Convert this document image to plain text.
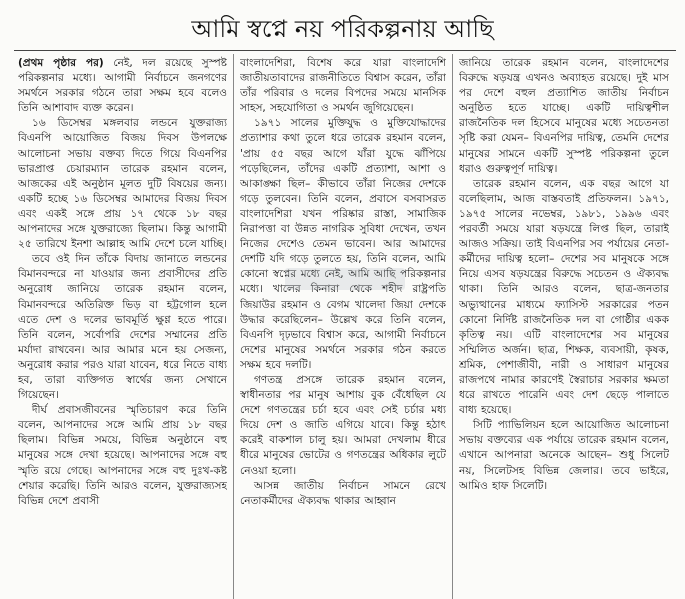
আমি স্বপ্নে নয় পরিকল্পনায় আছি

(প্রথম পৃষ্ঠার পর) নেই, দল রয়েছে সুস্পষ্ট পরিকল্পনার মধ্যে। আগামী নির্বাচনে জনগণের সমর্থনে সরকার গঠনে তারা সক্ষম হবে বলেও তিনি আশাবাদ ব্যক্ত করেন।

১৬ ডিসেম্বর মঙ্গলবার লন্ডনে যুক্তরাজ্য বিএনপি আয়োজিত বিজয় দিবস উপলক্ষে আলোচনা সভায় বক্তব্য দিতে গিয়ে বিএনপির ভারপ্রাপ্ত চেয়ারম্যান তারেক রহমান বলেন, আজকের এই অনুষ্ঠান মূলত দুটি বিষয়ের জন্য। একটি হচ্ছে ১৬ ডিসেম্বর আমাদের বিজয় দিবস এবং একই সঙ্গে প্রায় ১৭ থেকে ১৮ বছর আপনাদের সঙ্গে যুক্তরাজ্যে ছিলাম। কিন্তু আগামী ২৫ তারিখে ইনশা আল্লাহ আমি দেশে চলে যাচ্ছি।

তবে ওই দিন তাঁকে বিদায় জানাতে লন্ডনের বিমানবন্দরে না যাওয়ার জন্য প্রবাসীদের প্রতি অনুরোধ জানিয়ে তারেক রহমান বলেন, বিমানবন্দরে অতিরিক্ত ভিড় বা হট্টগোল হলে এতে দেশ ও দলের ভাবমূর্তি ক্ষুণ্ণ হতে পারে। তিনি বলেন, সর্বোপরি দেশের সম্মানের প্রতি মর্যাদা রাখবেন। আর আমার মনে হয় সেজন্য, অনুরোধ করার পরও যারা যাবেন, ধরে নিতে বাধ্য হব, তারা ব্যক্তিগত স্বার্থের জন্য সেখানে গিয়েছেন।

দীর্ঘ প্রবাসজীবনের স্মৃতিচারণ করে তিনি বলেন, আপনাদের সঙ্গে আমি প্রায় ১৮ বছর ছিলাম। বিভিন্ন সময়ে, বিভিন্ন অনুষ্ঠানে বহু মানুষের সঙ্গে দেখা হয়েছে। আপনাদের সঙ্গে বহু স্মৃতি রয়ে গেছে। আপনাদের সঙ্গে বহু দুঃখ-কষ্ট শেয়ার করেছি। তিনি আরও বলেন, যুক্তরাজ্যসহ বিভিন্ন দেশে প্রবাসী

বাংলাদেশিরা, বিশেষ করে যারা বাংলাদেশি জাতীয়তাবাদের রাজনীতিতে বিশ্বাস করেন, তাঁরা তাঁর পরিবার ও দলের বিপদের সময়ে মানসিক সাহস, সহযোগিতা ও সমর্থন জুগিয়েছেন।

১৯৭১ সালের মুক্তিযুদ্ধ ও মুক্তিযোদ্ধাদের প্রত্যাশার কথা তুলে ধরে তারেক রহমান বলেন, 'প্রায় ৫৫ বছর আগে যাঁরা যুদ্ধে ঝাঁপিয়ে পড়েছিলেন, তাঁদের একটি প্রত্যাশা, আশা ও আকাঙ্ক্ষা ছিল– কীভাবে তাঁরা নিজের দেশকে গড়ে তুলবেন। তিনি বলেন, প্রবাসে বসবাসরত বাংলাদেশিরা যখন পরিষ্কার রাস্তা, সামাজিক নিরাপত্তা বা উন্নত নাগরিক সুবিধা দেখেন, তখন নিজের দেশেও তেমন ভাবেন। আর আমাদের দেশটি যদি গড়ে তুলতে হয়, তিনি বলেন, আমি কোনো স্বপ্নের মধ্যে নেই, আমি আছি পরিকল্পনার মধ্যে। খালের কিনারা থেকে শহীদ রাষ্ট্রপতি জিয়াউর রহমান ও বেগম খালেদা জিয়া দেশকে উদ্ধার করেছিলেন– উল্লেখ করে তিনি বলেন, বিএনপি দৃঢ়ভাবে বিশ্বাস করে, আগামী নির্বাচনে দেশের মানুষের সমর্থনে সরকার গঠন করতে সক্ষম হবে দলটি।

গণতন্ত্র প্রসঙ্গে তারেক রহমান বলেন, স্বাধীনতার পর মানুষ আশায় বুক বেঁধেছিল যে দেশে গণতন্ত্রের চর্চা হবে এবং সেই চর্চার মধ্য দিয়ে দেশ ও জাতি এগিয়ে যাবে। কিন্তু হঠাৎ করেই বাকশাল চালু হয়। আমরা দেখলাম ধীরে ধীরে মানুষের ভোটের ও গণতন্ত্রের অধিকার লুটে নেওয়া হলো।

আসন্ন জাতীয় নির্বাচন সামনে রেখে নেতাকর্মীদের ঐক্যবদ্ধ থাকার আহ্বান

জানিয়ে তারেক রহমান বলেন, বাংলাদেশের বিরুদ্ধে ষড়যন্ত্র এখনও অব্যাহত রয়েছে। দুই মাস পর দেশে বহুল প্রত্যাশিত জাতীয় নির্বাচন অনুষ্ঠিত হতে যাচ্ছে। একটি দায়িত্বশীল রাজনৈতিক দল হিসেবে মানুষের মধ্যে সচেতনতা সৃষ্টি করা যেমন– বিএনপির দায়িত্ব, তেমনি দেশের মানুষের সামনে একটি সুস্পষ্ট পরিকল্পনা তুলে ধরাও গুরুত্বপূর্ণ দায়িত্ব।

তারেক রহমান বলেন, এক বছর আগে যা বলেছিলাম, আজ বাস্তবতাই প্রতিফলন। ১৯৭১, ১৯৭৫ সালের নভেম্বর, ১৯৮১, ১৯৯৬ এবং পরবর্তী সময়ে যারা ষড়যন্ত্রে লিপ্ত ছিল, তারাই আজও সক্রিয়। তাই বিএনপির সব পর্যায়ের নেতা-কর্মীদের দায়িত্ব হলো– দেশের সব মানুষকে সঙ্গে নিয়ে এসব ষড়যন্ত্রের বিরুদ্ধে সচেতন ও ঐক্যবদ্ধ থাকা। তিনি আরও বলেন, ছাত্র-জনতার অভ্যুত্থানের মাধ্যমে ফ্যাসিস্ট সরকারের পতন কোনো নির্দিষ্ট রাজনৈতিক দল বা গোষ্ঠীর একক কৃতিত্ব নয়। এটি বাংলাদেশের সব মানুষের সম্মিলিত অর্জন। ছাত্র, শিক্ষক, ব্যবসায়ী, কৃষক, শ্রমিক, পেশাজীবী, নারী ও সাধারণ মানুষের রাজপথে নামার কারণেই স্বৈরাচার সরকার ক্ষমতা ধরে রাখতে পারেনি এবং দেশ ছেড়ে পালাতে বাধ্য হয়েছে।

সিটি প্যাভিলিয়ন হলে আয়োজিত আলোচনা সভায় বক্তব্যের এক পর্যায়ে তারেক রহমান বলেন, এখানে আপনারা অনেকে আছেন– শুধু সিলেট নয়, সিলেটসহ বিভিন্ন জেলার। তবে ভাইরে, আমিও হাফ সিলেটি।
